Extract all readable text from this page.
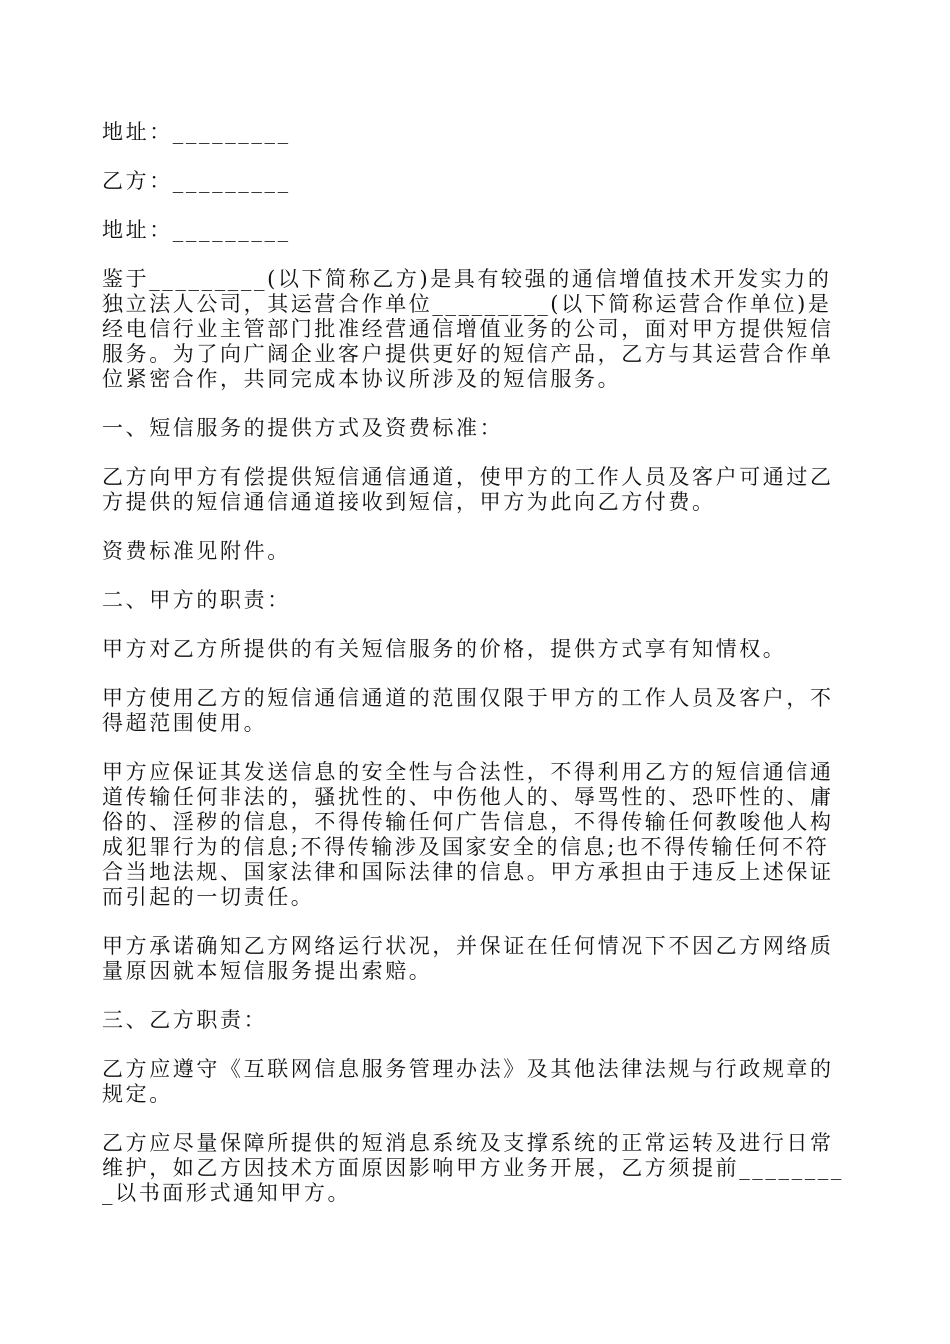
地址：_________

乙方：_________

地址：_________

鉴于_________(以下简称乙方)是具有较强的通信增值技术开发实力的独立法人公司，其运营合作单位_________(以下简称运营合作单位)是经电信行业主管部门批准经营通信增值业务的公司，面对甲方提供短信服务。为了向广阔企业客户提供更好的短信产品，乙方与其运营合作单位紧密合作，共同完成本协议所涉及的短信服务。

一、短信服务的提供方式及资费标准：

乙方向甲方有偿提供短信通信通道，使甲方的工作人员及客户可通过乙方提供的短信通信通道接收到短信，甲方为此向乙方付费。

资费标准见附件。

二、甲方的职责：

甲方对乙方所提供的有关短信服务的价格，提供方式享有知情权。

甲方使用乙方的短信通信通道的范围仅限于甲方的工作人员及客户，不得超范围使用。

甲方应保证其发送信息的安全性与合法性，不得利用乙方的短信通信通道传输任何非法的，骚扰性的、中伤他人的、辱骂性的、恐吓性的、庸俗的、淫秽的信息，不得传输任何广告信息，不得传输任何教唆他人构成犯罪行为的信息;不得传输涉及国家安全的信息;也不得传输任何不符合当地法规、国家法律和国际法律的信息。甲方承担由于违反上述保证而引起的一切责任。

甲方承诺确知乙方网络运行状况，并保证在任何情况下不因乙方网络质量原因就本短信服务提出索赔。

三、乙方职责：

乙方应遵守《互联网信息服务管理办法》及其他法律法规与行政规章的规定。

乙方应尽量保障所提供的短消息系统及支撑系统的正常运转及进行日常维护，如乙方因技术方面原因影响甲方业务开展，乙方须提前_________以书面形式通知甲方。
